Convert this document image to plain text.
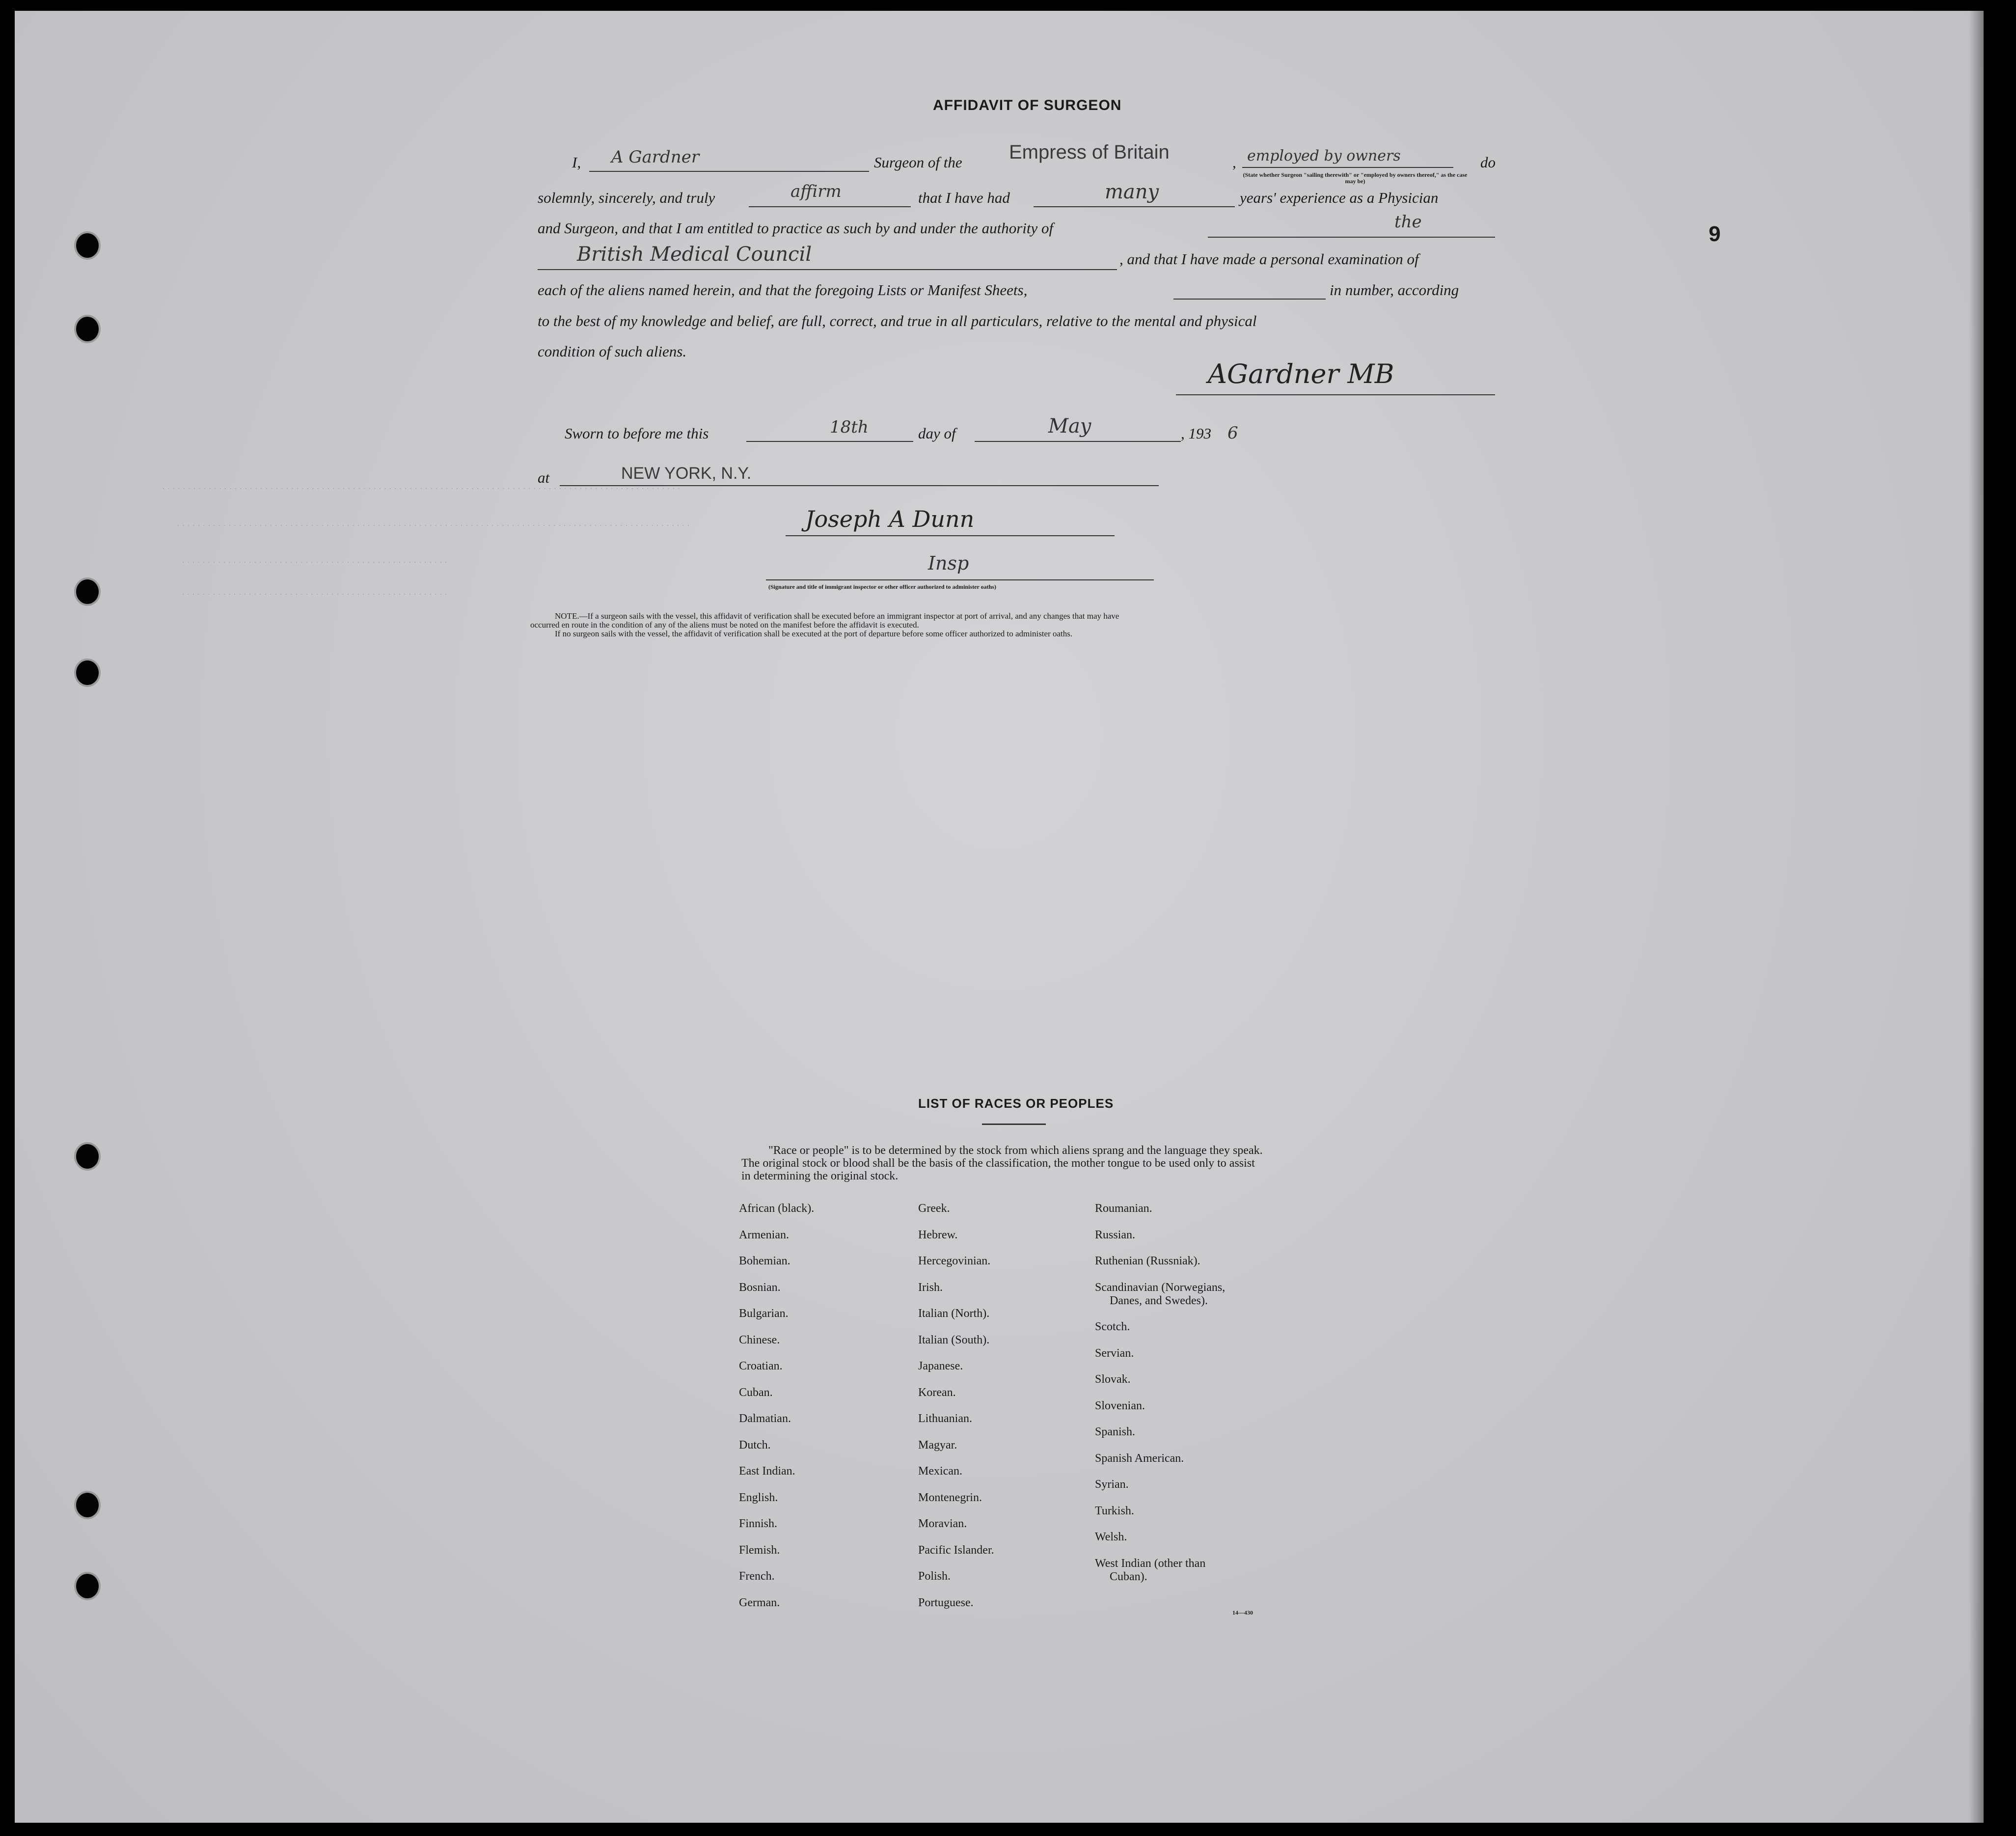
9
· · · · · · · · · · · · · · · · · · · · · · · · · · · · · · · · · · · · · · · · · · · · · · · · · · · · · · · · · · · · · · · · · · · · · · · · · · · · · · · · · · · · · · · · · · · · · · · · · · · · ·
· · · · · · · · · · · · · · · · · · · · · · · · · · · · · · · · · · · · · · · · · · · · · · · · · · · · · · · · · · · · · · · · · · · · · · · · · · · · · · · · · · · · · · · · · · · · · · · · · · · ·
· · · · · · · · · · · · · · · · · · · · · · · · · · · · · · · · · · · · · · · · · · · · · · · · · · · ·
· · · · · · · · · · · · · · · · · · · · · · · · · · · · · · · · · · · · · · · · · · · · · · · · · · · ·
AFFIDAVIT OF SURGEON
I, A Gardner	Surgeon of the Empress of Britain	, employed by owners	do
(State whether Surgeon "sailing therewith" or "employed by owners thereof," as the case may be)
solemnly, sincerely, and truly	affirm	that I have had	many	years' experience as a Physician
and Surgeon, and that I am entitled to practice as such by and under the authority of	the
British Medical Council	, and that I have made a personal examination of
each of the aliens named herein, and that the foregoing Lists or Manifest Sheets,	in number, according
to the best of my knowledge and belief, are full, correct, and true in all particulars, relative to the mental and physical
condition of such aliens.
AGardner MB
Sworn to before me this	18th	day of	May	, 193 6
at	NEW YORK, N.Y.
Joseph A Dunn
Insp
(Signature and title of immigrant inspector or other officer authorized to administer oaths)
NOTE.—If a surgeon sails with the vessel, this affidavit of verification shall be executed before an immigrant inspector at port of arrival, and any changes that may have
occurred en route in the condition of any of the aliens must be noted on the manifest before the affidavit is executed.
If no surgeon sails with the vessel, the affidavit of verification shall be executed at the port of departure before some officer authorized to administer oaths.
LIST OF RACES OR PEOPLES
"Race or people" is to be determined by the stock from which aliens sprang and the language they speak. The original stock or blood shall be the basis of the classification, the mother tongue to be used only to assist in determining the original stock.
African (black).
Armenian.
Bohemian.
Bosnian.
Bulgarian.
Chinese.
Croatian.
Cuban.
Dalmatian.
Dutch.
East Indian.
English.
Finnish.
Flemish.
French.
German.
Greek.
Hebrew.
Hercegovinian.
Irish.
Italian (North).
Italian (South).
Japanese.
Korean.
Lithuanian.
Magyar.
Mexican.
Montenegrin.
Moravian.
Pacific Islander.
Polish.
Portuguese.
Roumanian.
Russian.
Ruthenian (Russniak).
Scandinavian (Norwegians,
Danes, and Swedes).
Scotch.
Servian.
Slovak.
Slovenian.
Spanish.
Spanish American.
Syrian.
Turkish.
Welsh.
West Indian (other than
Cuban).
14—430
